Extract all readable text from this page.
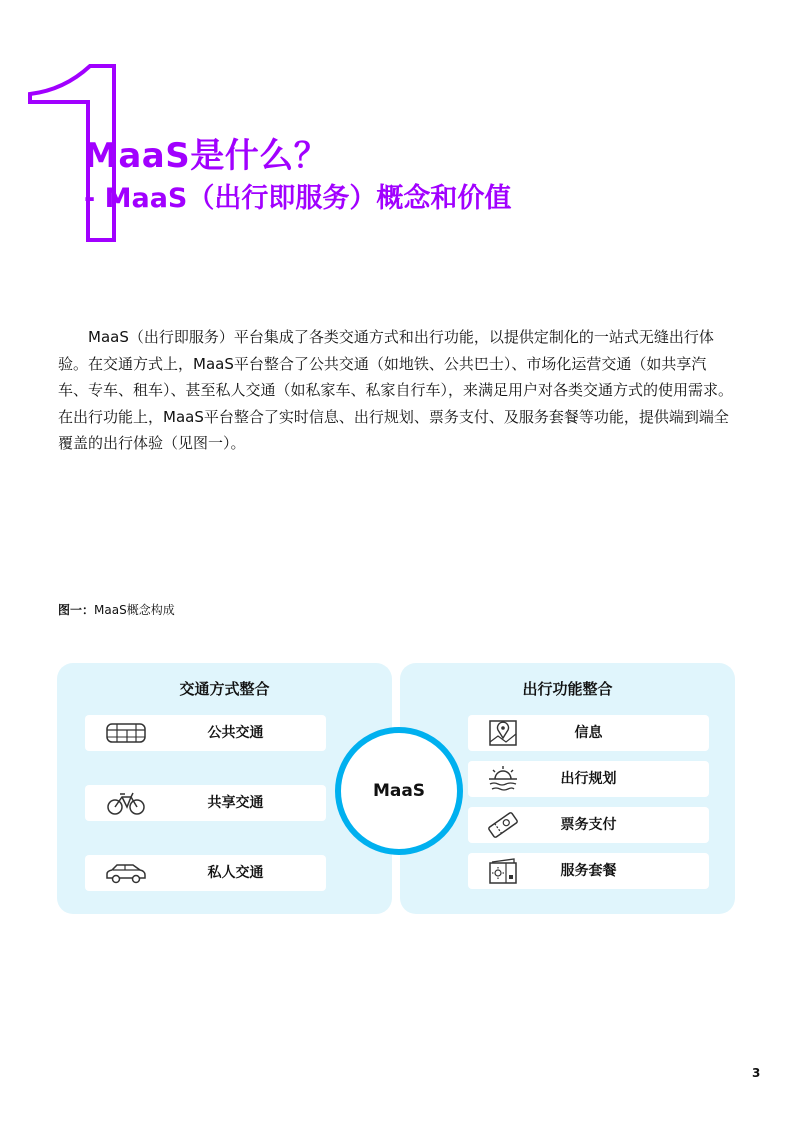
MaaS是什么？
- MaaS（出行即服务）概念和价值

MaaS（出行即服务）平台集成了各类交通方式和出行功能，以提供定制化的一站式无缝出行体验。在交通方式上，MaaS平台整合了公共交通（如地铁、公共巴士）、市场化运营交通（如共享汽车、专车、租车）、甚至私人交通（如私家车、私家自行车），来满足用户对各类交通方式的使用需求。在出行功能上，MaaS平台整合了实时信息、出行规划、票务支付、及服务套餐等功能，提供端到端全覆盖的出行体验（见图一）。

图一：MaaS概念构成
交通方式整合
公共交通
共享交通
私人交通
出行功能整合
信息
出行规划
票务支付
服务套餐
MaaS
3
